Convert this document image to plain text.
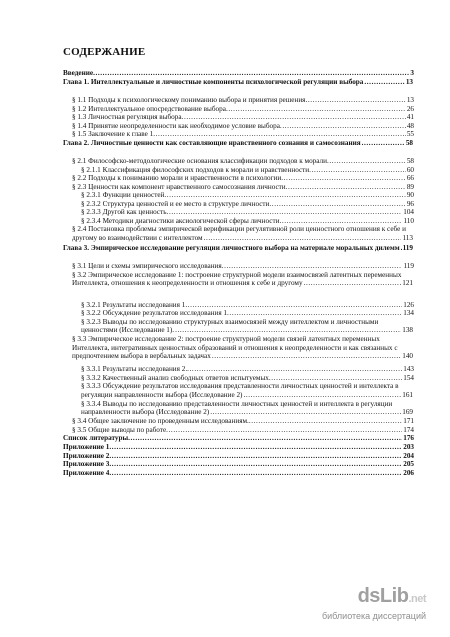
СОДЕРЖАНИЕ
Введение .....	3
Глава 1. Интеллектуальные и личностные компоненты психологической регуляции выбора .....	13
§ 1.1 Подходы к психологическому пониманию выбора и принятия решения .....	13
§ 1.2 Интеллектуальное опосредствование выбора .....	26
§ 1.3 Личностная регуляция выбора .....	41
§ 1.4 Принятие неопределенности как необходимое условие выбора .....	48
§ 1.5 Заключение к главе 1 .....	55
Глава 2. Личностные ценности как составляющие нравственного сознания и самосознания .....	58
§ 2.1 Философско-методологические основания классификации подходов к морали .....	58
§ 2.1.1 Классификация философских подходов к морали и нравственности .....	60
§ 2.2 Подходы к пониманию морали и нравственности в психологии .....	66
§ 2.3 Ценности как компонент нравственного самосознания личности .....	89
§ 2.3.1 Функции ценностей .....	90
§ 2.3.2 Структура ценностей и ее место в структуре личности .....	96
§ 2.3.3 Другой как ценность .....	104
§ 2.3.4 Методики диагностики аксиологической сферы личности .....	110
§ 2.4 Постановка проблемы эмпирической верификации регулятивной роли ценностного отношения к себе и другому во взаимодействии с интеллектом .....	113
Глава 3. Эмпирическое исследование регуляции личностного выбора на материале моральных дилемм ..... 119
§ 3.1 Цели и схемы эмпирического исследования .....	119
§ 3.2 Эмпирическое исследование 1: построение структурной модели взаимосвязей латентных переменных Интеллекта, отношения к неопределенности и отношения к себе и другому .....	121
§ 3.2.1 Результаты исследования 1 .....	126
§ 3.2.2 Обсуждение результатов исследования 1 .....	134
§ 3.2.3 Выводы по исследованию структурных взаимосвязей между интеллектом и личностными ценностями (Исследование 1). .....	138
§ 3.3 Эмпирическое исследование 2: построение структурной модели связей латентных переменных Интеллекта, интегративных ценностных образований и отношения к неопределенности и как связанных с предпочтением выбора в вербальных задачах .....	140
§ 3.3.1 Результаты исследования 2. .....	143
§ 3.3.2 Качественный анализ свободных ответов испытуемых .....	154
§ 3.3.3 Обсуждение результатов исследования представленности личностных ценностей и интеллекта в регуляции направленности выбора (Исследование 2) .....	161
§ 3.3.4 Выводы по исследованию представленности личностных ценностей и интеллекта в регуляции направленности выбора (Исследование 2) .....	169
§ 3.4 Общее заключение по проведенным исследованиям. .....	171
§ 3.5 Общие выводы по работе .....	174
Список литературы .....	176
Приложение 1 .....	203
Приложение 2 .....	204
Приложение 3 .....	205
Приложение 4 .....	206
dsLib.net
библиотека диссертаций
